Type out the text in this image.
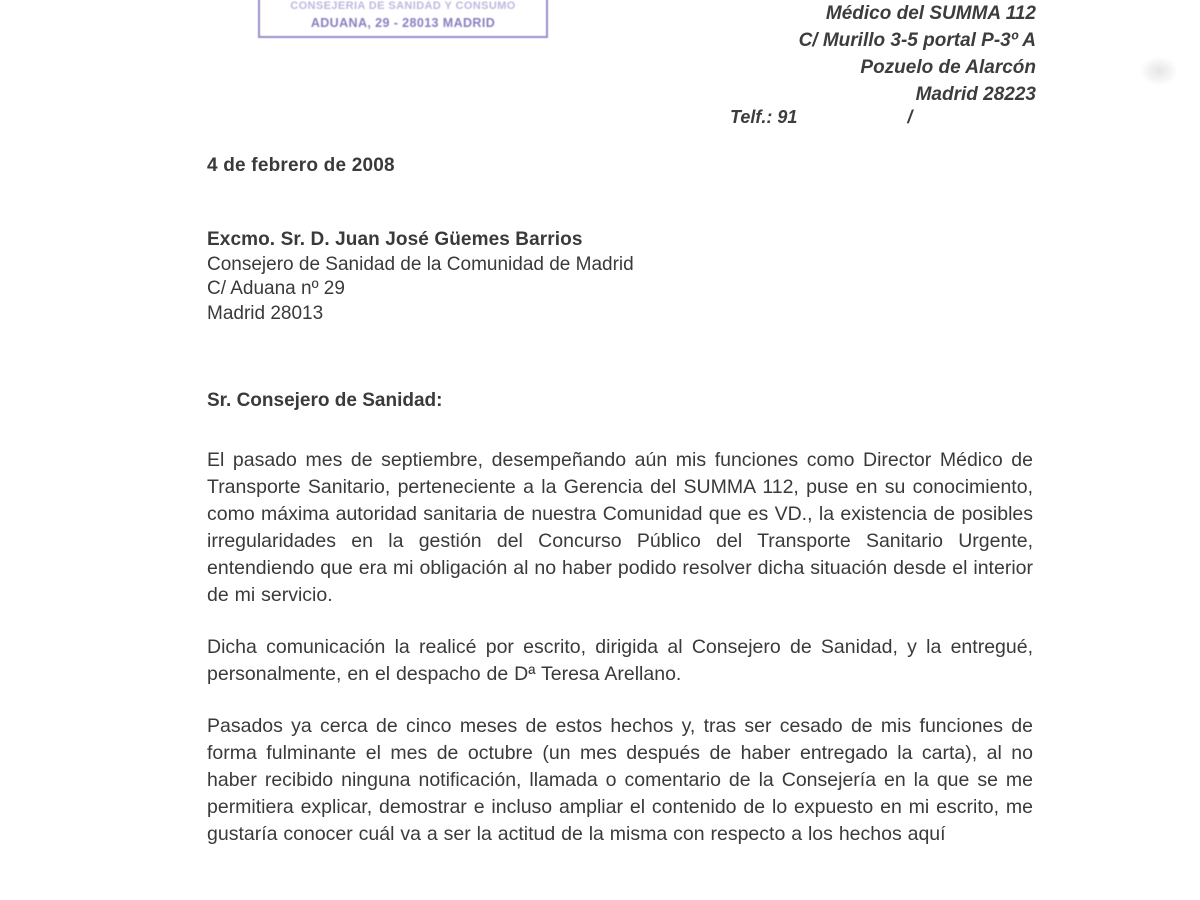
CONSEJERIA DE SANIDAD Y CONSUMO
ADUANA, 29 - 28013 MADRID	Médico del SUMMA 112
C/ Murillo 3-5 portal P-3º A
Pozuelo de Alarcón
Madrid 28223
Telf.: 91	/
4 de febrero de 2008
Excmo. Sr. D. Juan José Güemes Barrios
Consejero de Sanidad de la Comunidad de Madrid
C/ Aduana nº 29
Madrid 28013
Sr. Consejero de Sanidad:

El pasado mes de septiembre, desempeñando aún mis funciones como Director Médico de Transporte Sanitario, perteneciente a la Gerencia del SUMMA 112, puse en su conocimiento, como máxima autoridad sanitaria de nuestra Comunidad que es VD., la existencia de posibles irregularidades en la gestión del Concurso Público del Transporte Sanitario Urgente, entendiendo que era mi obligación al no haber podido resolver dicha situación desde el interior de mi servicio.

Dicha comunicación la realicé por escrito, dirigida al Consejero de Sanidad, y la entregué, personalmente, en el despacho de Dª Teresa Arellano.

Pasados ya cerca de cinco meses de estos hechos y, tras ser cesado de mis funciones de forma fulminante el mes de octubre (un mes después de haber entregado la carta), al no haber recibido ninguna notificación, llamada o comentario de la Consejería en la que se me permitiera explicar, demostrar e incluso ampliar el contenido de lo expuesto en mi escrito, me gustaría conocer cuál va a ser la actitud de la misma con respecto a los hechos aquí
